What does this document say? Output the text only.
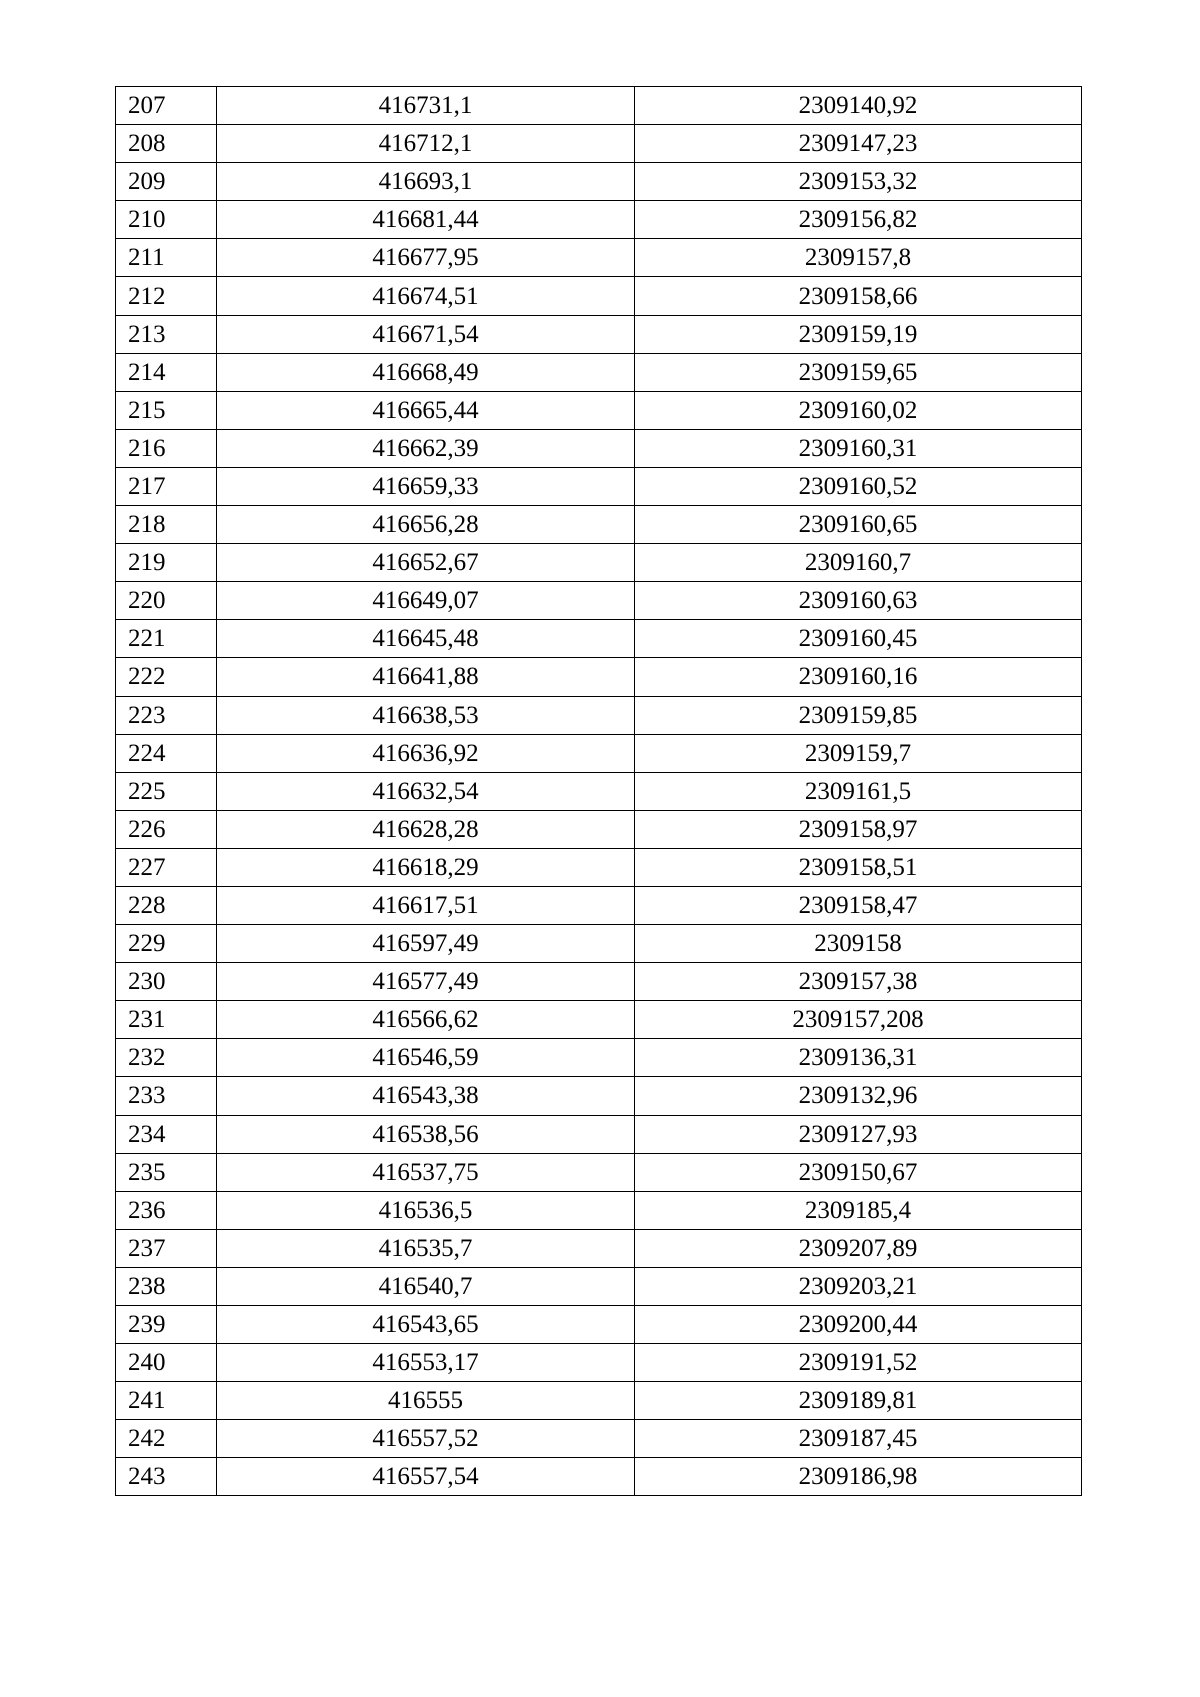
207	416731,1	2309140,92
208	416712,1	2309147,23
209	416693,1	2309153,32
210	416681,44	2309156,82
211	416677,95	2309157,8
212	416674,51	2309158,66
213	416671,54	2309159,19
214	416668,49	2309159,65
215	416665,44	2309160,02
216	416662,39	2309160,31
217	416659,33	2309160,52
218	416656,28	2309160,65
219	416652,67	2309160,7
220	416649,07	2309160,63
221	416645,48	2309160,45
222	416641,88	2309160,16
223	416638,53	2309159,85
224	416636,92	2309159,7
225	416632,54	2309161,5
226	416628,28	2309158,97
227	416618,29	2309158,51
228	416617,51	2309158,47
229	416597,49	2309158
230	416577,49	2309157,38
231	416566,62	2309157,208
232	416546,59	2309136,31
233	416543,38	2309132,96
234	416538,56	2309127,93
235	416537,75	2309150,67
236	416536,5	2309185,4
237	416535,7	2309207,89
238	416540,7	2309203,21
239	416543,65	2309200,44
240	416553,17	2309191,52
241	416555	2309189,81
242	416557,52	2309187,45
243	416557,54	2309186,98
